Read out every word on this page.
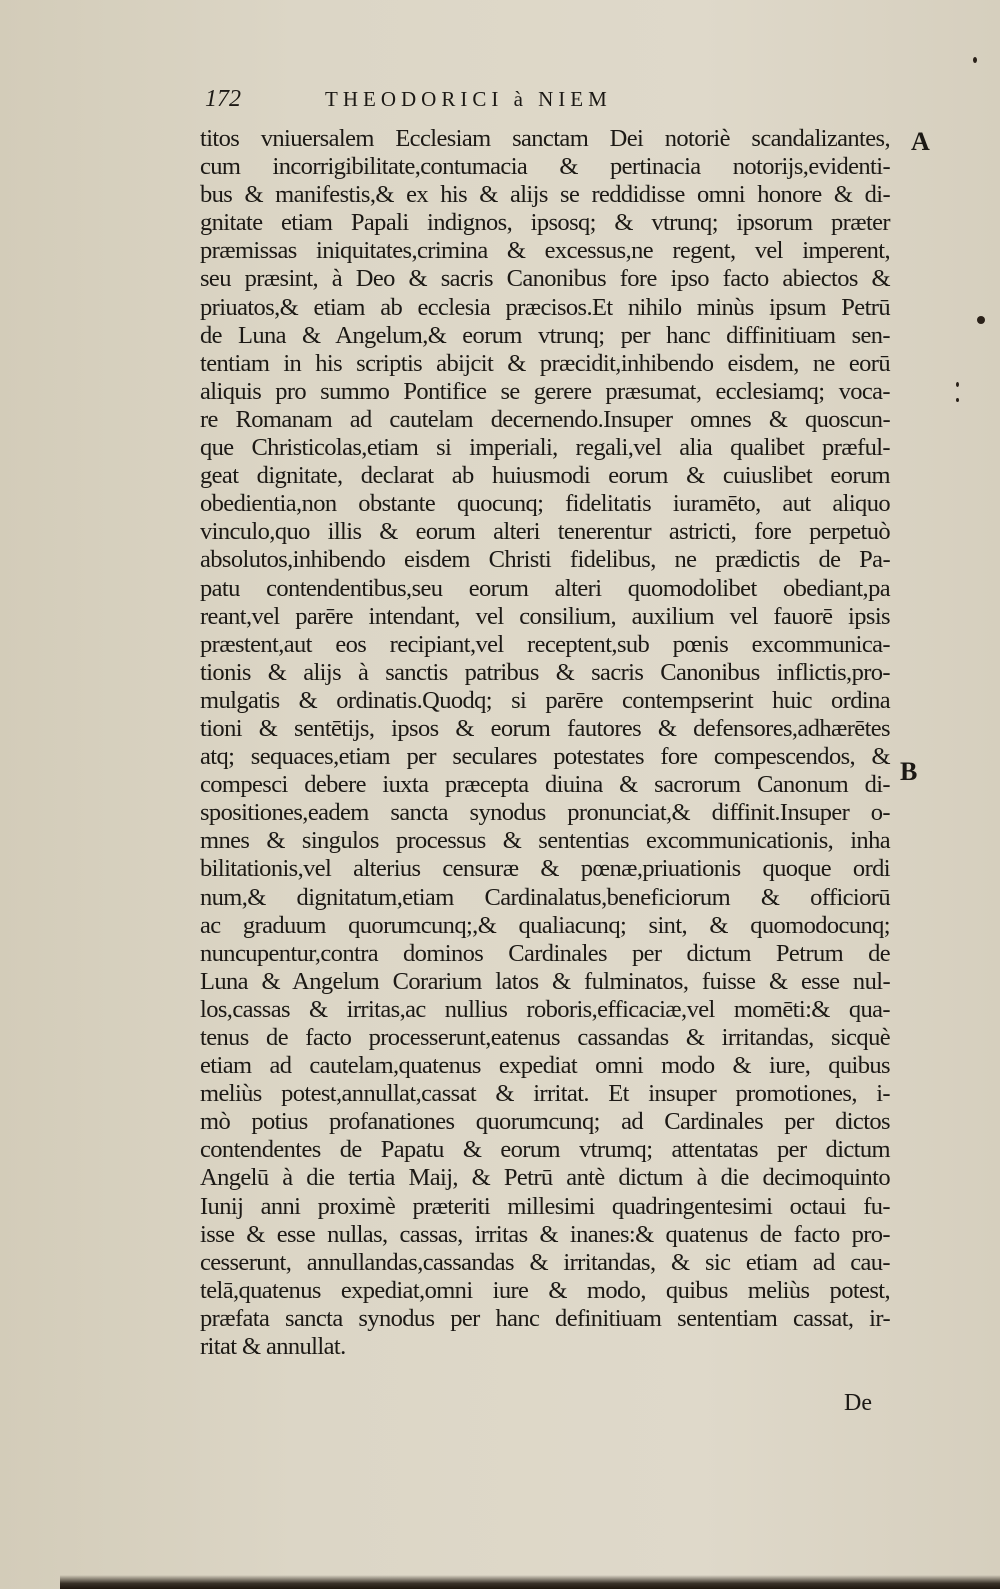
172	THEODORICI à NIEM
A
B
titos vniuersalem Ecclesiam sanctam Dei notoriè scandalizantes,
cum incorrigibilitate,contumacia & pertinacia notorijs,evidenti-
bus & manifestis,& ex his & alijs se reddidisse omni honore & di-
gnitate etiam Papali indignos, ipsosq; & vtrunq; ipsorum præter
præmissas iniquitates,crimina & excessus,ne regent, vel imperent,
seu præsint, à Deo & sacris Canonibus fore ipso facto abiectos &
priuatos,& etiam ab ecclesia præcisos.Et nihilo minùs ipsum Petrū
de Luna & Angelum,& eorum vtrunq; per hanc diffinitiuam sen-
tentiam in his scriptis abijcit & præcidit,inhibendo eisdem, ne eorū
aliquis pro summo Pontifice se gerere præsumat, ecclesiamq; voca-
re Romanam ad cautelam decernendo.Insuper omnes & quoscun-
que Christicolas,etiam si imperiali, regali,vel alia qualibet præful-
geat dignitate, declarat ab huiusmodi eorum & cuiuslibet eorum
obedientia,non obstante quocunq; fidelitatis iuramēto, aut aliquo
vinculo,quo illis & eorum alteri tenerentur astricti, fore perpetuò
absolutos,inhibendo eisdem Christi fidelibus, ne prædictis de Pa-
patu contendentibus,seu eorum alteri quomodolibet obediant,pa
reant,vel parēre intendant, vel consilium, auxilium vel fauorē ipsis
præstent,aut eos recipiant,vel receptent,sub pœnis excommunica-
tionis & alijs à sanctis patribus & sacris Canonibus inflictis,pro-
mulgatis & ordinatis.Quodq; si parēre contempserint huic ordina
tioni & sentētijs, ipsos & eorum fautores & defensores,adhærētes
atq; sequaces,etiam per seculares potestates fore compescendos, &
compesci debere iuxta præcepta diuina & sacrorum Canonum di-
spositiones,eadem sancta synodus pronunciat,& diffinit.Insuper o-
mnes & singulos processus & sententias excommunicationis, inha
bilitationis,vel alterius censuræ & pœnæ,priuationis quoque ordi
num,& dignitatum,etiam Cardinalatus,beneficiorum & officiorū
ac graduum quorumcunq;,& qualiacunq; sint, & quomodocunq;
nuncupentur,contra dominos Cardinales per dictum Petrum de
Luna & Angelum Corarium latos & fulminatos, fuisse & esse nul-
los,cassas & irritas,ac nullius roboris,efficaciæ,vel momēti:& qua-
tenus de facto processerunt,eatenus cassandas & irritandas, sicquè
etiam ad cautelam,quatenus expediat omni modo & iure, quibus
meliùs potest,annullat,cassat & irritat. Et insuper promotiones, i-
mò potius profanationes quorumcunq; ad Cardinales per dictos
contendentes de Papatu & eorum vtrumq; attentatas per dictum
Angelū à die tertia Maij, & Petrū antè dictum à die decimoquinto
Iunij anni proximè præteriti millesimi quadringentesimi octaui fu-
isse & esse nullas, cassas, irritas & inanes:& quatenus de facto pro-
cesserunt, annullandas,cassandas & irritandas, & sic etiam ad cau-
telā,quatenus expediat,omni iure & modo, quibus meliùs potest,
præfata sancta synodus per hanc definitiuam sententiam cassat, ir-
ritat & annullat.
De
